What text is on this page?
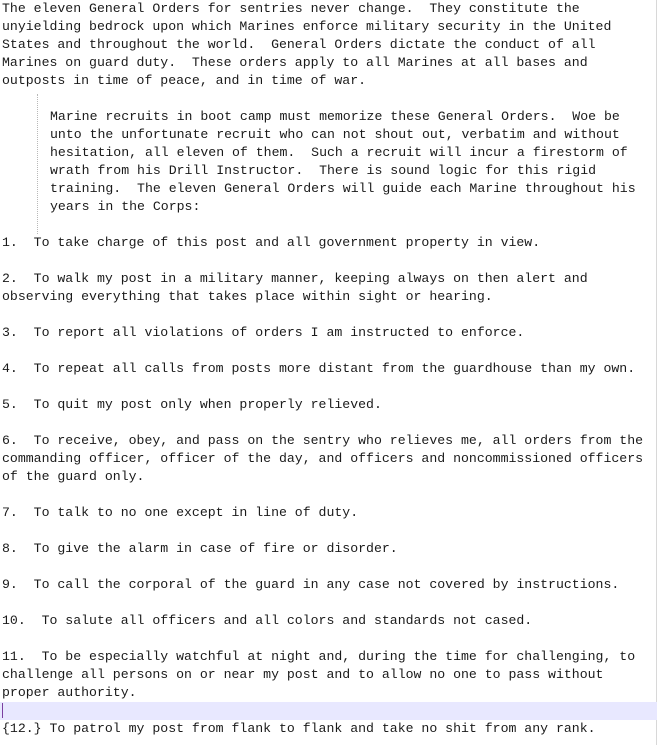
The eleven General Orders for sentries never change.  They constitute the
unyielding bedrock upon which Marines enforce military security in the United
States and throughout the world.  General Orders dictate the conduct of all
Marines on guard duty.  These orders apply to all Marines at all bases and
outposts in time of peace, and in time of war.
Marine recruits in boot camp must memorize these General Orders.  Woe be
unto the unfortunate recruit who can not shout out, verbatim and without
hesitation, all eleven of them.  Such a recruit will incur a firestorm of
wrath from his Drill Instructor.  There is sound logic for this rigid
training.  The eleven General Orders will guide each Marine throughout his
years in the Corps:
1.  To take charge of this post and all government property in view.
2.  To walk my post in a military manner, keeping always on then alert and
observing everything that takes place within sight or hearing.
3.  To report all violations of orders I am instructed to enforce.
4.  To repeat all calls from posts more distant from the guardhouse than my own.
5.  To quit my post only when properly relieved.
6.  To receive, obey, and pass on the sentry who relieves me, all orders from the
commanding officer, officer of the day, and officers and noncommissioned officers
of the guard only.
7.  To talk to no one except in line of duty.
8.  To give the alarm in case of fire or disorder.
9.  To call the corporal of the guard in any case not covered by instructions.
10.  To salute all officers and all colors and standards not cased.
11.  To be especially watchful at night and, during the time for challenging, to
challenge all persons on or near my post and to allow no one to pass without
proper authority.
{12.} To patrol my post from flank to flank and take no shit from any rank.
